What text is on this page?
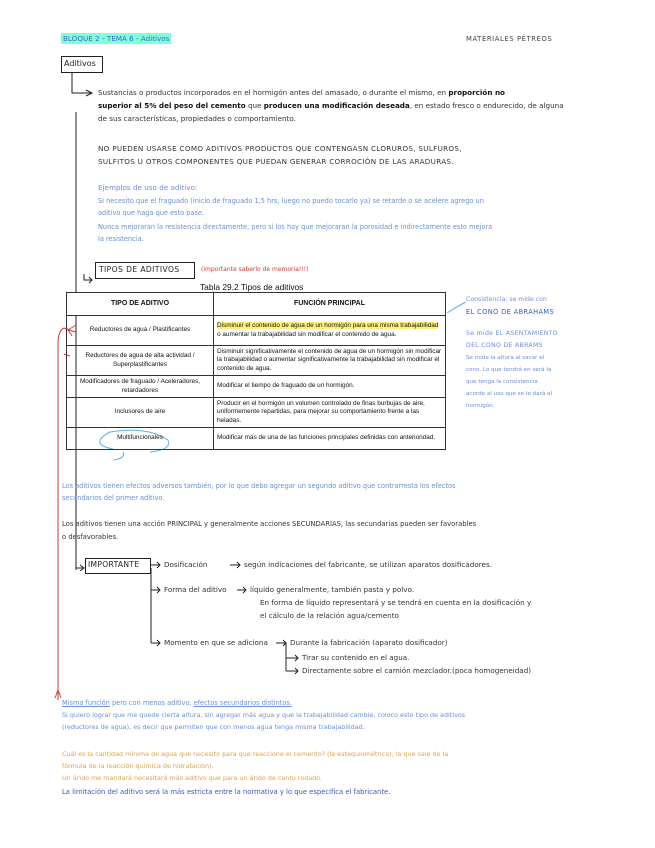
BLOQUE 2 - TEMA 6 - Aditivos	MATERIALES PÉTREOS
Aditivos
Sustancias o productos incorporados en el hormigón antes del amasado, o durante el mismo, en proporción no
superior al 5% del peso del cemento que producen una modificación deseada, en estado fresco o endurecido, de alguna
de sus características, propiedades o comportamiento.
NO PUEDEN USARSE COMO ADITIVOS PRODUCTOS QUE CONTENGASN CLORUROS, SULFUROS,
SULFITOS U OTROS COMPONENTES QUE PUEDAN GENERAR CORROCIÓN DE LAS ARADURAS.
Ejemplos de uso de aditivo:
Si necesito que el fraguado (inicio de fraguado 1,5 hrs, luego no puedo tocarlo ya) se retarde o se acelere agrego un
aditivo que haga que esto pase.
Nunca mejoraran la resistencia directamente, pero si los hay que mejoraran la porosidad e indirectamente esto mejora
la resistencia.
TIPOS DE ADITIVOS	(importante saberlo de memoria!!!)
Tabla 29.2 Tipos de aditivos
TIPO DE ADITIVO	FUNCIÓN PRINCIPAL
Reductores de agua / Plastificantes	Disminuir el contenido de agua de un hormigón para una misma trabajabilidad o aumentar la trabajabilidad sin modificar el contenido de agua.
Reductores de agua de alta actividad / Superplastificantes	Disminuir significativamente el contenido de agua de un hormigón sin modificar la trabajabilidad o aumentar significativamente la trabajabilidad sin modificar el contenido de agua.
Modificadores de fraguado / Aceleradores, retardadores	Modificar el tiempo de fraguado de un hormigón.
Inclusores de aire	Producir en el hormigón un volumen controlado de finas burbujas de aire, uniformemente repartidas, para mejorar su comportamiento frente a las heladas.
Multifuncionales	Modificar más de una de las funciones principales definidas con anterioridad.
Consistencia: se mide con
EL CONO DE ABRAHAMS
Se mide EL ASENTAMIENTO
DEL CONO DE ABRAMS
Se mide la altura al sacar el
cono. Lo que tendrá en será la
que tenga la consistencia
acorde al uso que se le dará al
hormigón.
Los aditivos tienen efectos adversos también, por lo que debo agregar un segundo aditivo que contrarresta los efectos
secundarios del primer aditivo.
Los aditivos tienen una acción PRINCIPAL y generalmente acciones SECUNDARIAS, las secundarias pueden ser favorables
o desfavorables.
IMPORTANTE	Dosificación	según indicaciones del fabricante, se utilizan aparatos dosificadores.
Forma del aditivo	líquido generalmente, también pasta y polvo.
En forma de líquido representará y se tendrá en cuenta en la dosificación y
el cálculo de la relación agua/cemento
Momento en que se adiciona	Durante la fabricación (aparato dosificador)
Tirar su contenido en el agua.
Directamente sobre el camión mezclador.(poca homogeneidad)
Misma función pero con menos aditivo, efectos secundarios distintos.
Si quiero lograr que me quede cierta altura, sin agregar más agua y que la trabajabilidad cambie, coloco este tipo de aditivos
(reductores de agua), es decir que permiten que con menos agua tenga misma trabajabilidad.
Cuál es la cantidad mínima de agua que necesito para que reaccione el cemento? (la estequiométrica), la que sale de la
fórmula de la reacción química de hidratación).
Un árido me mandará necesitará más aditivo que para un árido de canto rodado.
La limitación del aditivo será la más estricta entre la normativa y lo que especifica el fabricante.
